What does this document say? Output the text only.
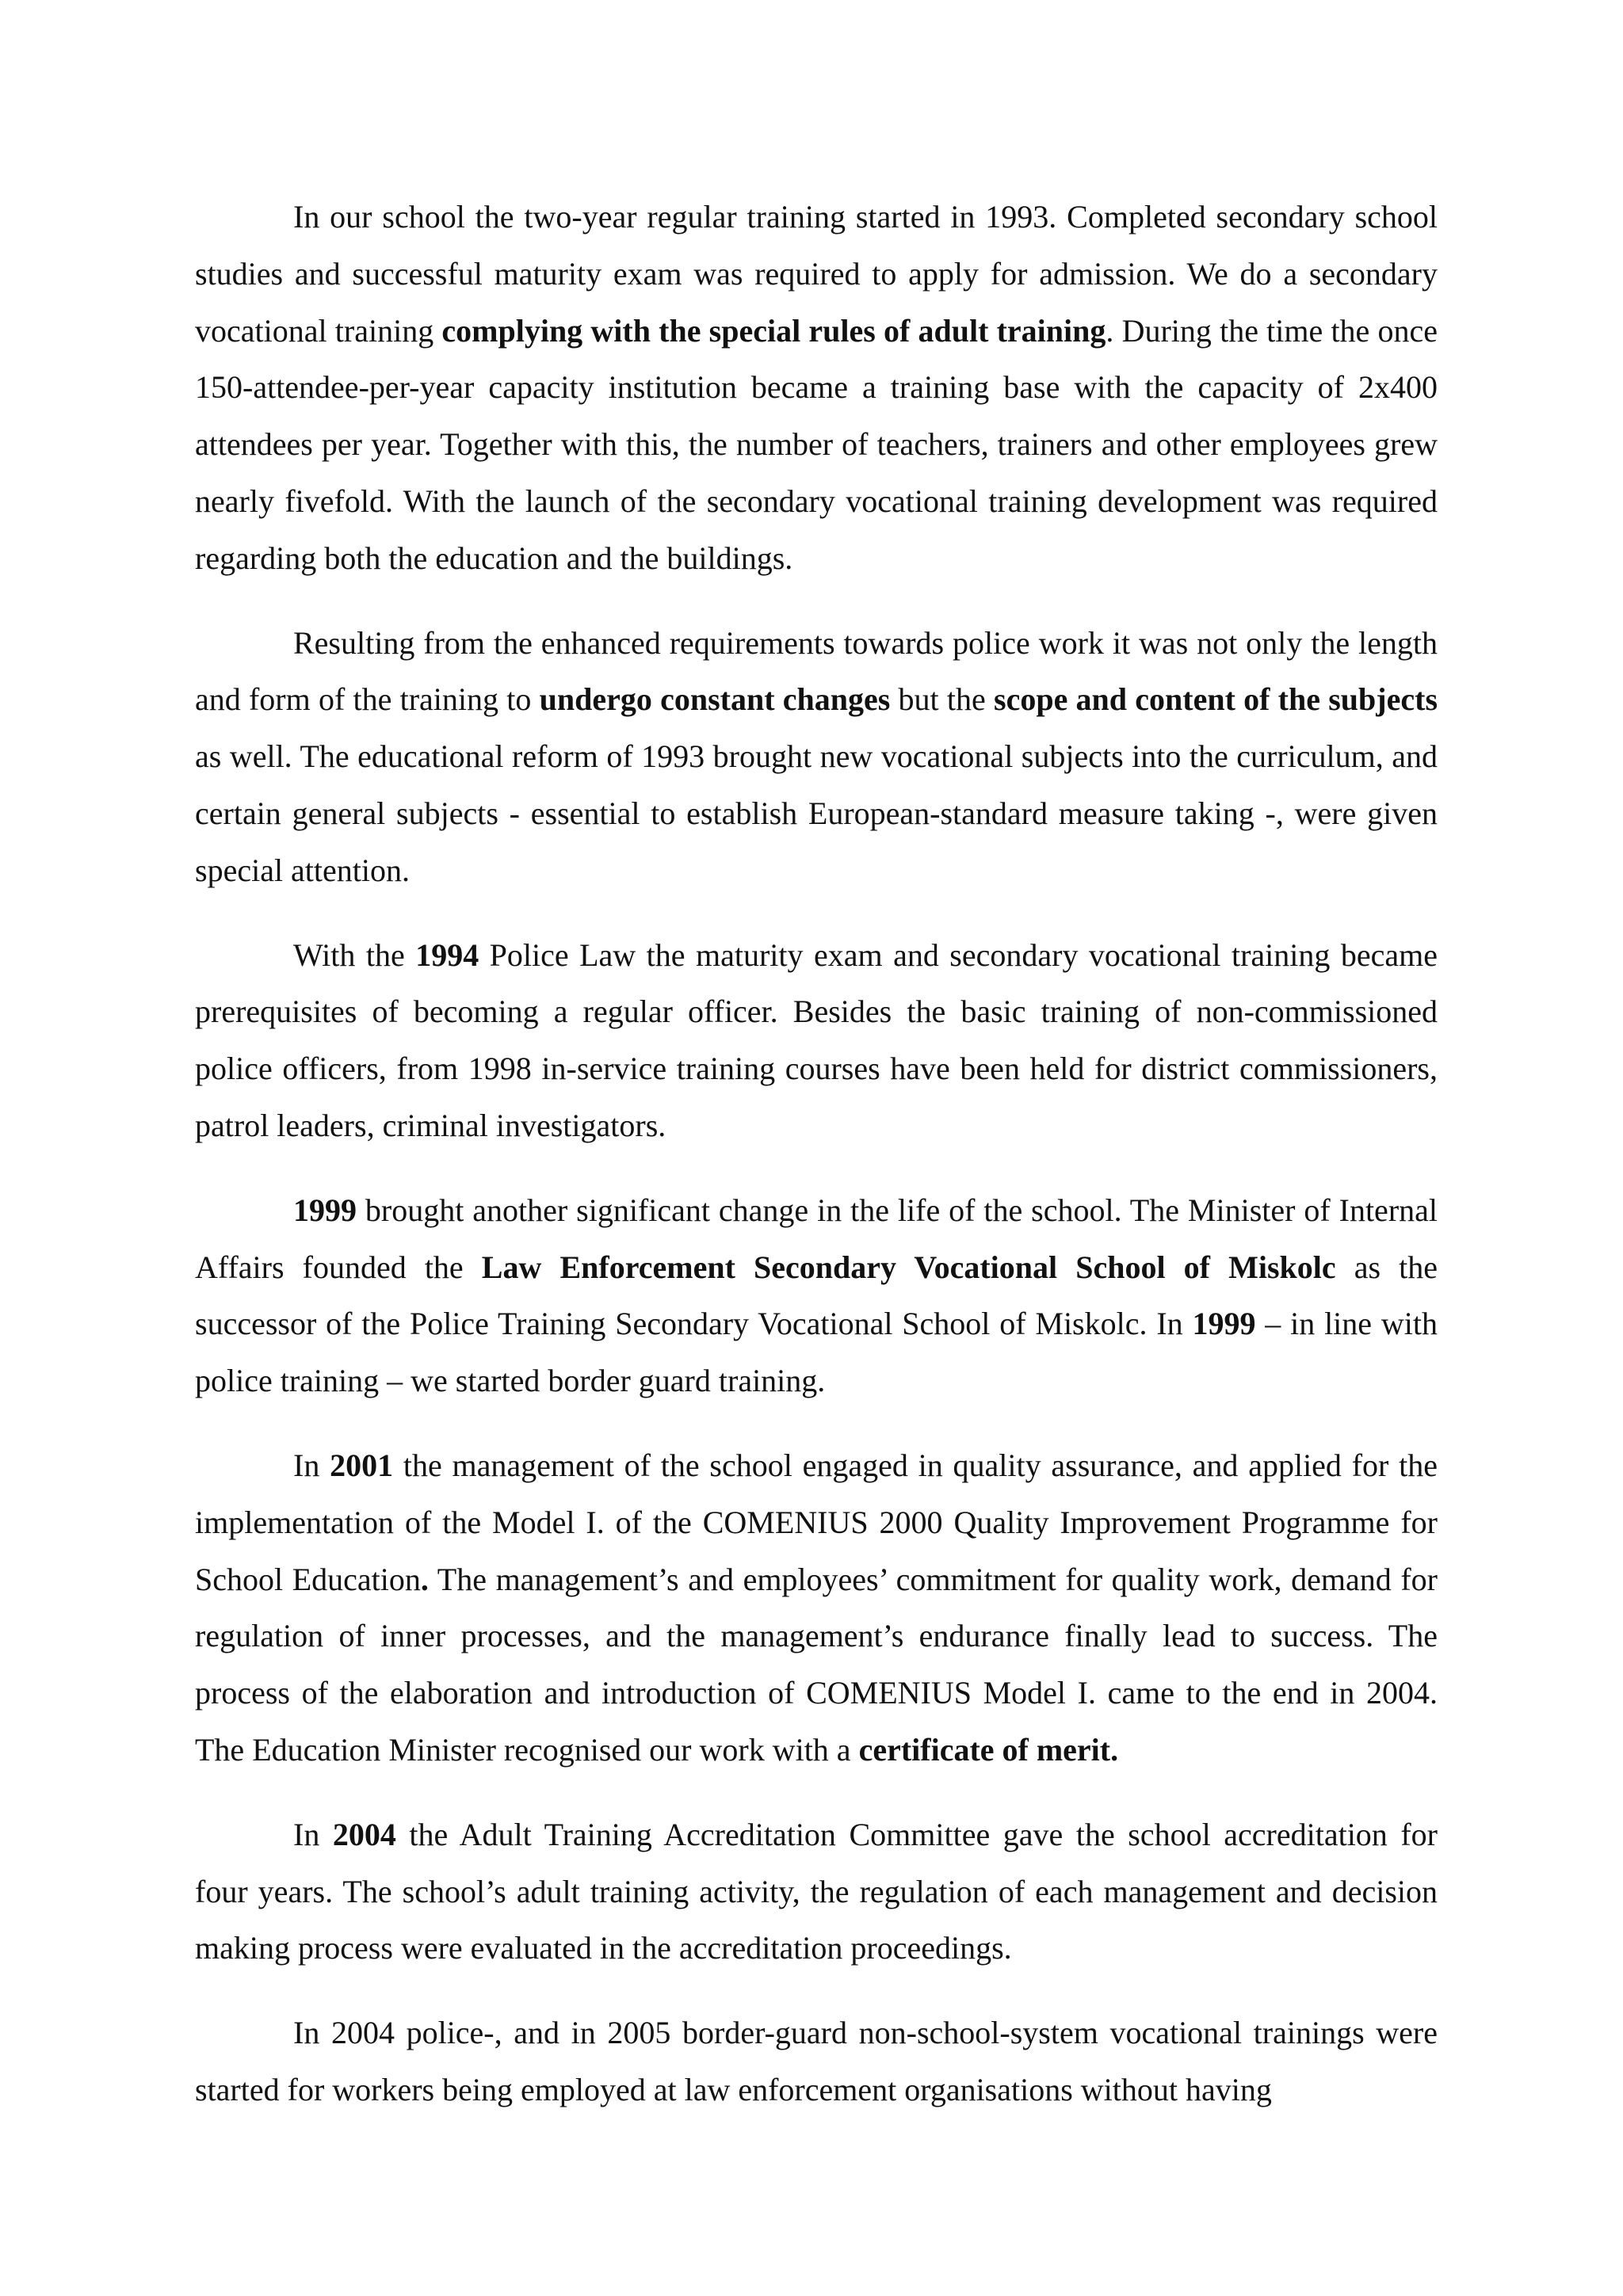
In our school the two-year regular training started in 1993. Completed secondary school studies and successful maturity exam was required to apply for admission. We do a secondary vocational training complying with the special rules of adult training. During the time the once 150-attendee-per-year capacity institution became a training base with the capacity of 2x400 attendees per year. Together with this, the number of teachers, trainers and other employees grew nearly fivefold. With the launch of the secondary vocational training development was required regarding both the education and the buildings.

Resulting from the enhanced requirements towards police work it was not only the length and form of the training to undergo constant changes but the scope and content of the subjects as well. The educational reform of 1993 brought new vocational subjects into the curriculum, and certain general subjects - essential to establish European-standard measure taking -, were given special attention.

With the 1994 Police Law the maturity exam and secondary vocational training became prerequisites of becoming a regular officer. Besides the basic training of non-commissioned police officers, from 1998 in-service training courses have been held for district commissioners, patrol leaders, criminal investigators.

1999 brought another significant change in the life of the school. The Minister of Internal Affairs founded the Law Enforcement Secondary Vocational School of Miskolc as the successor of the Police Training Secondary Vocational School of Miskolc. In 1999 – in line with police training – we started border guard training.

In 2001 the management of the school engaged in quality assurance, and applied for the implementation of the Model I. of the COMENIUS 2000 Quality Improvement Programme for School Education. The management’s and employees’ commitment for quality work, demand for regulation of inner processes, and the management’s endurance finally lead to success. The process of the elaboration and introduction of COMENIUS Model I. came to the end in 2004. The Education Minister recognised our work with a certificate of merit.

In 2004 the Adult Training Accreditation Committee gave the school accreditation for four years. The school’s adult training activity, the regulation of each management and decision making process were evaluated in the accreditation proceedings.

In 2004 police-, and in 2005 border-guard non-school-system vocational trainings were started for workers being employed at law enforcement organisations without having
